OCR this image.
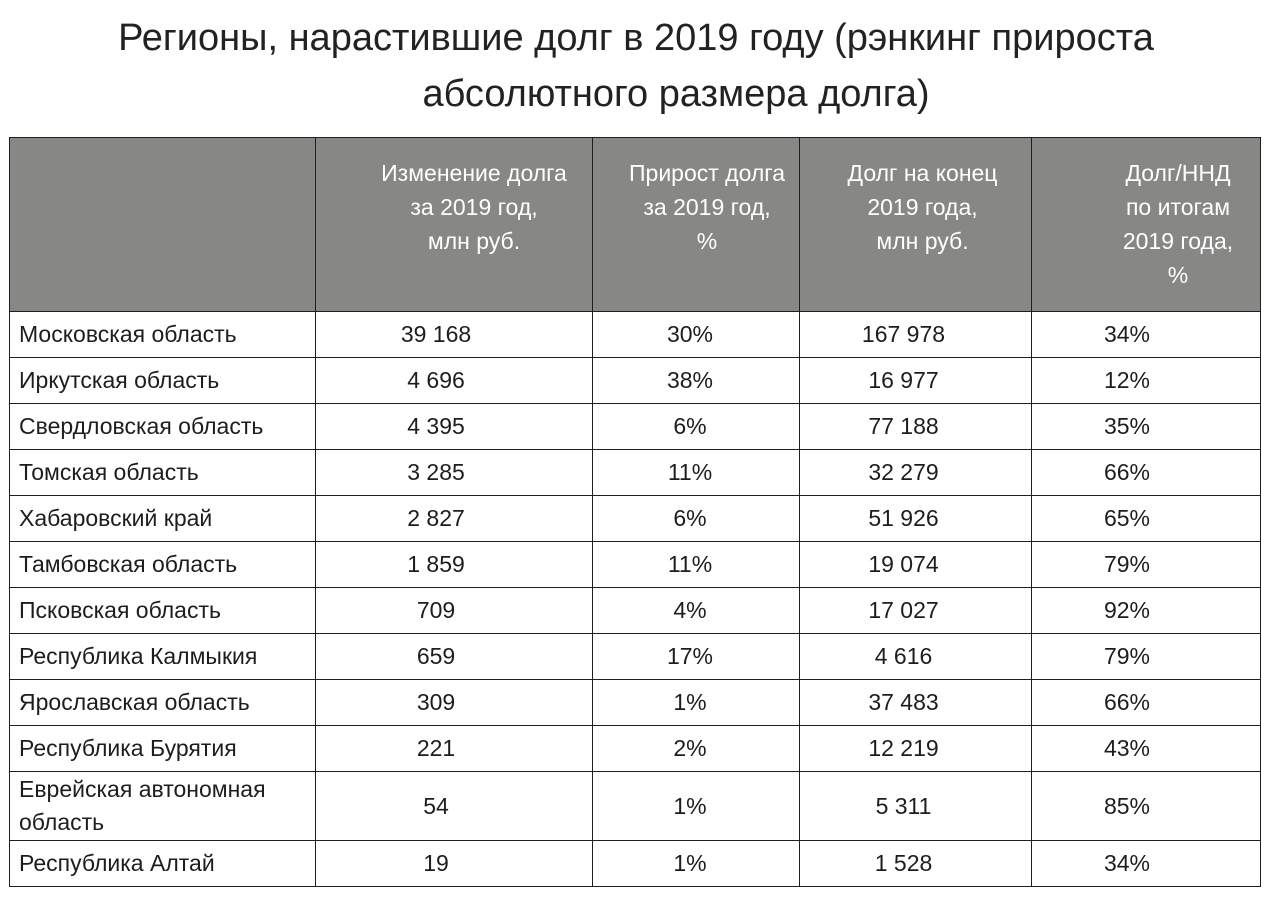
Регионы, нарастившие долг в 2019 году (рэнкинг прироста
абсолютного размера долга)

	Изменение долга
за 2019 год,
млн руб.	Прирост долга
за 2019 год,
%	Долг на конец
2019 года,
млн руб.	Долг/ННД
по итогам
2019 года,
%

Московская область	39 168	30%	167 978	34%
Иркутская область	4 696	38%	16 977	12%
Свердловская область	4 395	6%	77 188	35%
Томская область	3 285	11%	32 279	66%
Хабаровский край	2 827	6%	51 926	65%
Тамбовская область	1 859	11%	19 074	79%
Псковская область	709	4%	17 027	92%
Республика Калмыкия	659	17%	4 616	79%
Ярославская область	309	1%	37 483	66%
Республика Бурятия	221	2%	12 219	43%
Еврейская автономная область	54	1%	5 311	85%
Республика Алтай	19	1%	1 528	34%
